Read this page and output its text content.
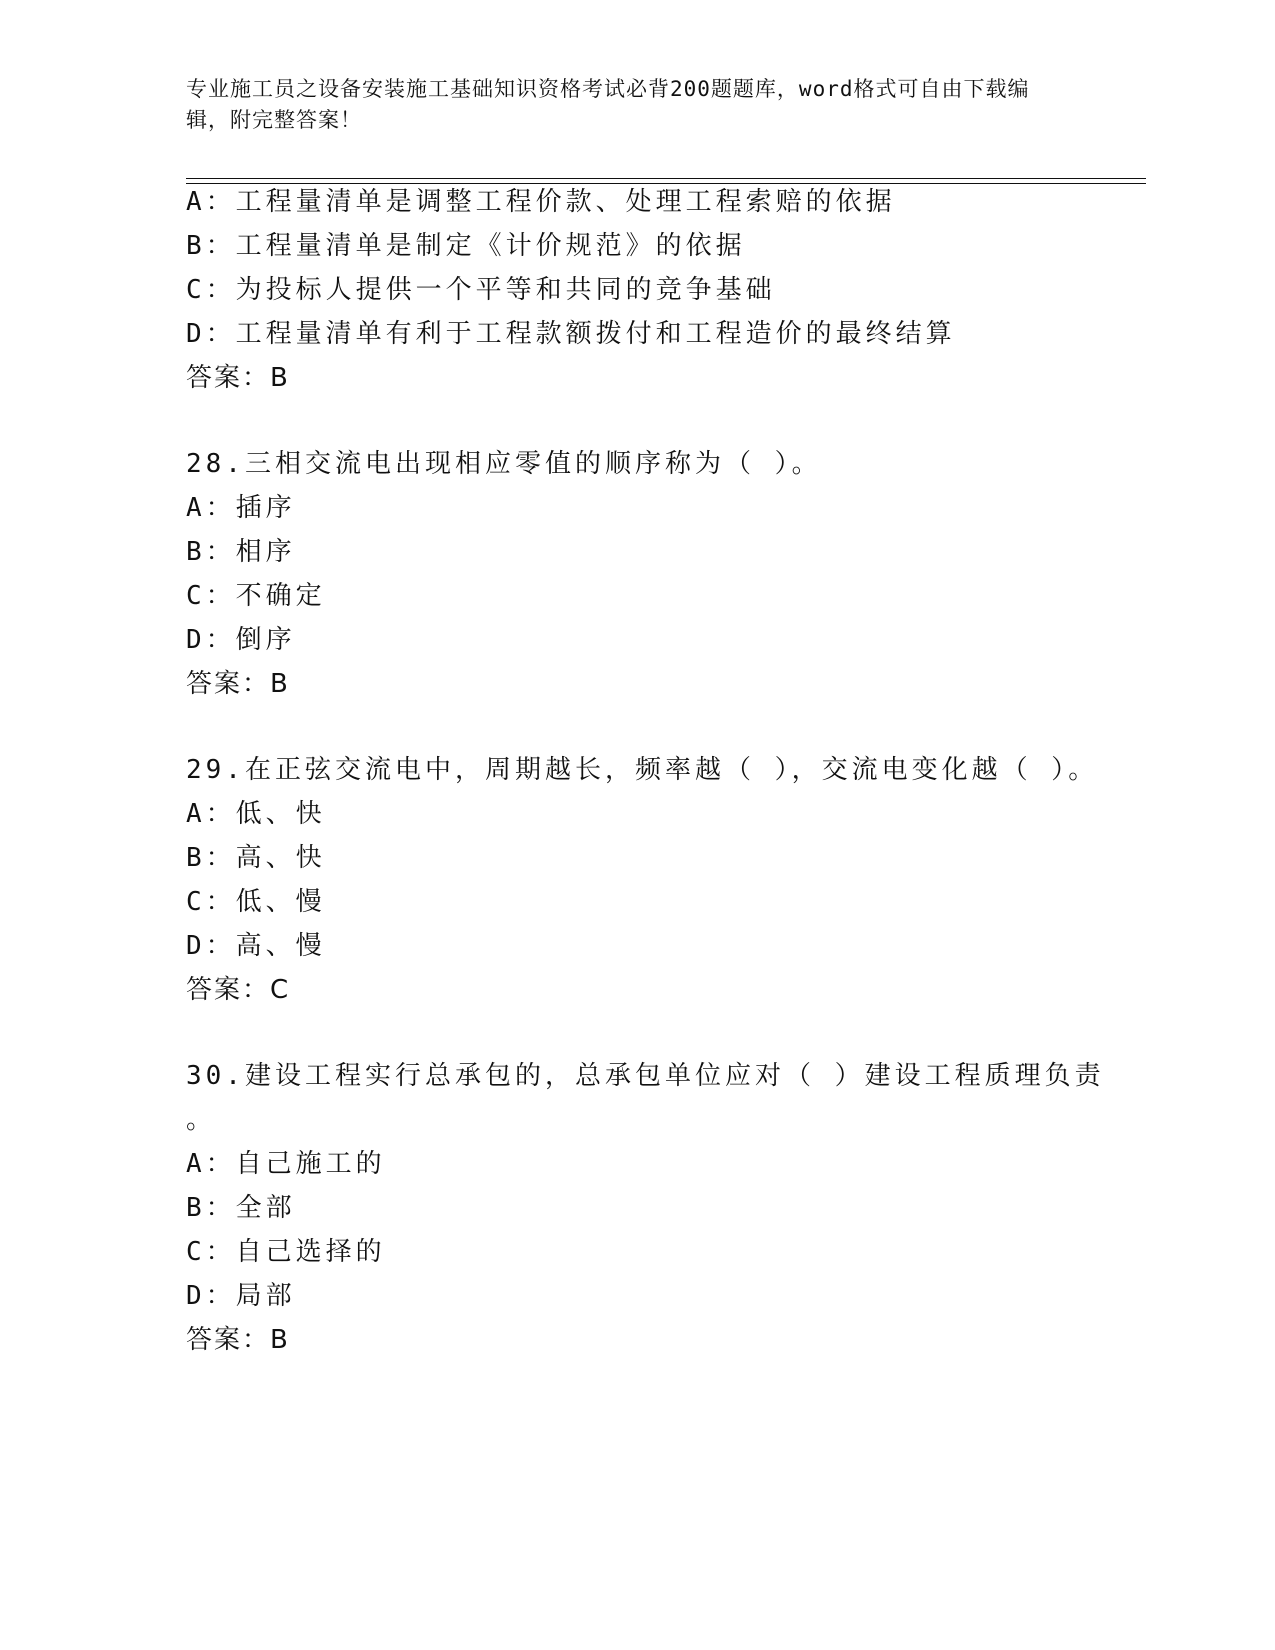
专业施工员之设备安装施工基础知识资格考试必背200题题库，word格式可自由下载编辑，附完整答案！
A：工程量清单是调整工程价款、处理工程索赔的依据
B：工程量清单是制定《计价规范》的依据
C：为投标人提供一个平等和共同的竞争基础
D：工程量清单有利于工程款额拨付和工程造价的最终结算
答案：B
28.三相交流电出现相应零值的顺序称为（ ）。
A：插序
B：相序
C：不确定
D：倒序
答案：B
29.在正弦交流电中，周期越长，频率越（ ），交流电变化越（ ）。
A：低、快
B：高、快
C：低、慢
D：高、慢
答案：C
30.建设工程实行总承包的，总承包单位应对（ ）建设工程质理负责
。
A：自己施工的
B：全部
C：自己选择的
D：局部
答案：B
